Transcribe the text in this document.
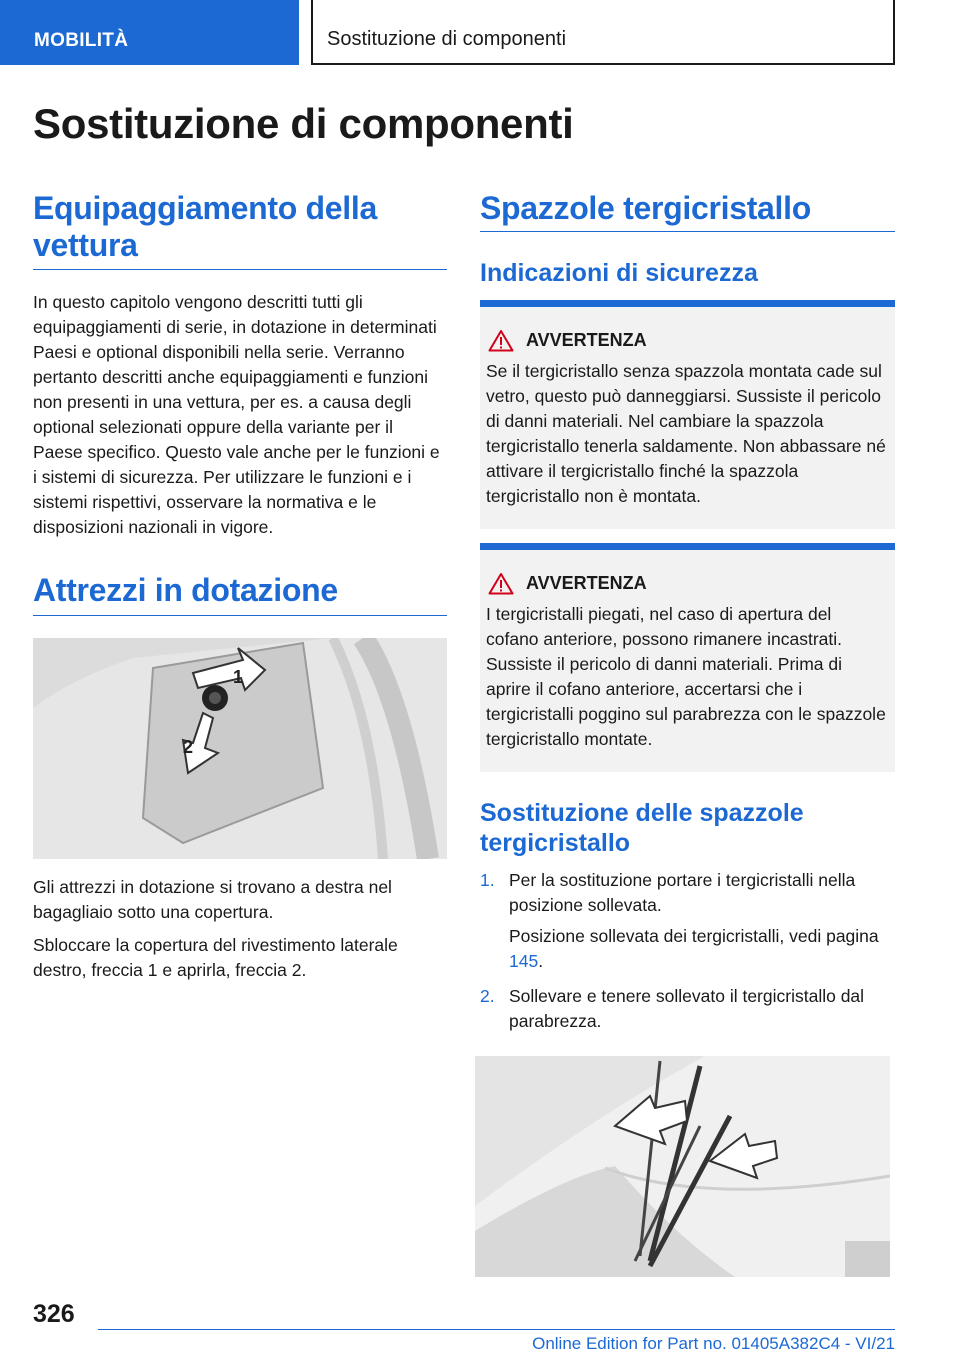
MOBILITÀ	Sostituzione di componenti
Sostituzione di componenti
Equipaggiamento della vettura

In questo capitolo vengono descritti tutti gli equipaggiamenti di serie, in dotazione in determinati Paesi e optional disponibili nella serie. Verranno pertanto descritti anche equipaggiamenti e funzioni non presenti in una vettura, per es. a causa degli optional selezionati oppure della variante per il Paese specifico. Questo vale anche per le funzioni e i sistemi di sicurezza. Per utilizzare le funzioni e i sistemi rispettivi, osservare la normativa e le disposizioni nazionali in vigore.

Attrezzi in dotazione
1
2

Gli attrezzi in dotazione si trovano a destra nel bagagliaio sotto una copertura.

Sbloccare la copertura del rivestimento laterale destro, freccia 1 e aprirla, freccia 2.

Spazzole tergicristallo
Indicazioni di sicurezza
AVVERTENZA

Se il tergicristallo senza spazzola montata cade sul vetro, questo può danneggiarsi. Sussiste il pericolo di danni materiali. Nel cambiare la spazzola tergicristallo tenerla saldamente. Non abbassare né attivare il tergicristallo finché la spazzola tergicristallo non è montata.

AVVERTENZA

I tergicristalli piegati, nel caso di apertura del cofano anteriore, possono rimanere incastrati. Sussiste il pericolo di danni materiali. Prima di aprire il cofano anteriore, accertarsi che i tergicristalli poggino sul parabrezza con le spazzole tergicristallo montate.

Sostituzione delle spazzole tergicristallo
1. Per la sostituzione portare i tergicristalli nella posizione sollevata.

Posizione sollevata dei tergicristalli, vedi pagina 145.

2. Sollevare e tenere sollevato il tergicristallo dal parabrezza.

326
Online Edition for Part no. 01405A382C4 - VI/21
